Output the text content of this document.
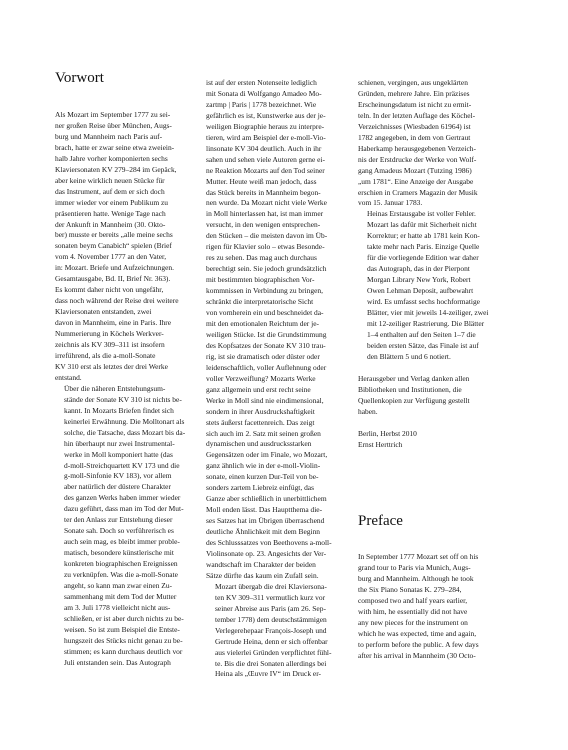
Vorwort
Als Mozart im September 1777 zu sei-
ner großen Reise über München, Augs-
burg und Mannheim nach Paris auf-
brach, hatte er zwar seine etwa zweiein-
halb Jahre vorher komponierten sechs
Klaviersonaten KV 279–284 im Gepäck,
aber keine wirklich neuen Stücke für
das Instrument, auf dem er sich doch
immer wieder vor einem Publikum zu
präsentieren hatte. Wenige Tage nach
der Ankunft in Mannheim (30. Okto-
ber) musste er bereits „alle meine sechs
sonaten beym Canabich“ spielen (Brief
vom 4. November 1777 an den Vater,
in: Mozart. Briefe und Aufzeichnungen.
Gesamtausgabe, Bd. II, Brief Nr. 363).
Es kommt daher nicht von ungefähr,
dass noch während der Reise drei weitere
Klaviersonaten entstanden, zwei
davon in Mannheim, eine in Paris. Ihre
Nummerierung in Köchels Werkver-
zeichnis als KV 309–311 ist insofern
irreführend, als die a-moll-Sonate
KV 310 erst als letztes der drei Werke
entstand.
Über die näheren Entstehungsum-
stände der Sonate KV 310 ist nichts be-
kannt. In Mozarts Briefen findet sich
keinerlei Erwähnung. Die Molltonart als
solche, die Tatsache, dass Mozart bis da-
hin überhaupt nur zwei Instrumental-
werke in Moll komponiert hatte (das
d-moll-Streichquartett KV 173 und die
g-moll-Sinfonie KV 183), vor allem
aber natürlich der düstere Charakter
des ganzen Werks haben immer wieder
dazu geführt, dass man im Tod der Mut-
ter den Anlass zur Entstehung dieser
Sonate sah. Doch so verführerisch es
auch sein mag, es bleibt immer proble-
matisch, besondere künstlerische mit
konkreten biographischen Ereignissen
zu verknüpfen. Was die a-moll-Sonate
angeht, so kann man zwar einen Zu-
sammenhang mit dem Tod der Mutter
am 3. Juli 1778 vielleicht nicht aus-
schließen, er ist aber durch nichts zu be-
weisen. So ist zum Beispiel die Entste-
hungszeit des Stücks nicht genau zu be-
stimmen; es kann durchaus deutlich vor
Juli entstanden sein. Das Autograph
ist auf der ersten Notenseite lediglich
mit Sonata di Wolfgango Amadeo Mo-
zartmp | Paris | 1778 bezeichnet. Wie
gefährlich es ist, Kunstwerke aus der je-
weiligen Biographie heraus zu interpre-
tieren, wird am Beispiel der e-moll-Vio-
linsonate KV 304 deutlich. Auch in ihr
sahen und sehen viele Autoren gerne ei-
ne Reaktion Mozarts auf den Tod seiner
Mutter. Heute weiß man jedoch, dass
das Stück bereits in Mannheim begon-
nen wurde. Da Mozart nicht viele Werke
in Moll hinterlassen hat, ist man immer
versucht, in den wenigen entsprechen-
den Stücken – die meisten davon im Üb-
rigen für Klavier solo – etwas Besonde-
res zu sehen. Das mag auch durchaus
berechtigt sein. Sie jedoch grundsätzlich
mit bestimmten biographischen Vor-
kommnissen in Verbindung zu bringen,
schränkt die interpretatorische Sicht
von vornherein ein und beschneidet da-
mit den emotionalen Reichtum der je-
weiligen Stücke. Ist die Grundstimmung
des Kopfsatzes der Sonate KV 310 trau-
rig, ist sie dramatisch oder düster oder
leidenschaftlich, voller Auflehnung oder
voller Verzweiflung? Mozarts Werke
ganz allgemein und erst recht seine
Werke in Moll sind nie eindimensional,
sondern in ihrer Ausdruckshaftigkeit
stets äußerst facettenreich. Das zeigt
sich auch im 2. Satz mit seinen großen
dynamischen und ausdrucksstarken
Gegensätzen oder im Finale, wo Mozart,
ganz ähnlich wie in der e-moll-Violin-
sonate, einen kurzen Dur-Teil von be-
sonders zartem Liebreiz einfügt, das
Ganze aber schließlich in unerbittlichem
Moll enden lässt. Das Hauptthema die-
ses Satzes hat im Übrigen überraschend
deutliche Ähnlichkeit mit dem Beginn
des Schlusssatzes von Beethovens a-moll-
Violinsonate op. 23. Angesichts der Ver-
wandtschaft im Charakter der beiden
Sätze dürfte das kaum ein Zufall sein.
Mozart übergab die drei Klaviersona-
ten KV 309–311 vermutlich kurz vor
seiner Abreise aus Paris (am 26. Sep-
tember 1778) dem deutschstämmigen
Verlegerehepaar François-Joseph und
Gertrude Heina, denn er sich offenbar
aus vielerlei Gründen verpflichtet fühl-
te. Bis die drei Sonaten allerdings bei
Heina als „Œuvre IV“ im Druck er-
schienen, vergingen, aus ungeklärten
Gründen, mehrere Jahre. Ein präzises
Erscheinungsdatum ist nicht zu ermit-
teln. In der letzten Auflage des Köchel-
Verzeichnisses (Wiesbaden 61964) ist
1782 angegeben, in dem von Gertraut
Haberkamp herausgegebenen Verzeich-
nis der Erstdrucke der Werke von Wolf-
gang Amadeus Mozart (Tutzing 1986)
„um 1781“. Eine Anzeige der Ausgabe
erschien in Cramers Magazin der Musik
vom 15. Januar 1783.
Heinas Erstausgabe ist voller Fehler.
Mozart las dafür mit Sicherheit nicht
Korrektur; er hatte ab 1781 kein Kon-
takte mehr nach Paris. Einzige Quelle
für die vorliegende Edition war daher
das Autograph, das in der Pierpont
Morgan Library New York, Robert
Owen Lehman Deposit, aufbewahrt
wird. Es umfasst sechs hochformatige
Blätter, vier mit jeweils 14-zeiliger, zwei
mit 12-zeiliger Rastrierung. Die Blätter
1–4 enthalten auf den Seiten 1–7 die
beiden ersten Sätze, das Finale ist auf
den Blättern 5 und 6 notiert.
Herausgeber und Verlag danken allen
Bibliotheken und Institutionen, die
Quellenkopien zur Verfügung gestellt
haben.
Berlin, Herbst 2010
Ernst Herttrich
Preface
In September 1777 Mozart set off on his
grand tour to Paris via Munich, Augs-
burg and Mannheim. Although he took
the Six Piano Sonatas K. 279–284,
composed two and half years earlier,
with him, he essentially did not have
any new pieces for the instrument on
which he was expected, time and again,
to perform before the public. A few days
after his arrival in Mannheim (30 Octo-
